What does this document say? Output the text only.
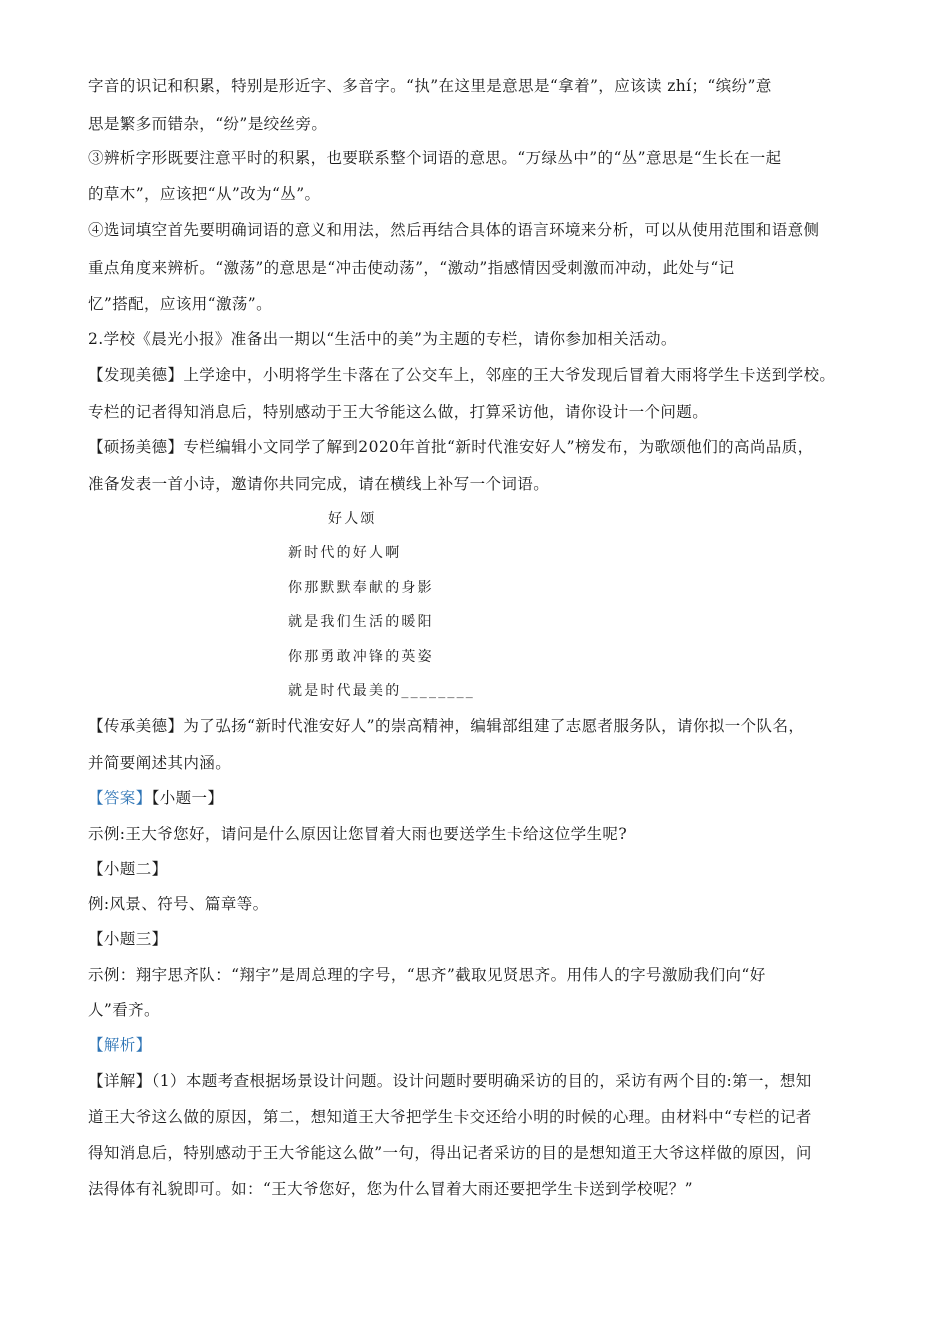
字音的识记和积累，特别是形近字、多音字。“执”在这里是意思是“拿着”，应该读 zhí；“缤纷”意
思是繁多而错杂，“纷”是绞丝旁。
③辨析字形既要注意平时的积累，也要联系整个词语的意思。“万绿丛中”的“丛”意思是“生长在一起
的草木”，应该把“从”改为“丛”。
④选词填空首先要明确词语的意义和用法，然后再结合具体的语言环境来分析，可以从使用范围和语意侧
重点角度来辨析。“激荡”的意思是“冲击使动荡”，“激动”指感情因受刺激而冲动，此处与“记
忆”搭配，应该用“激荡”。
2.学校《晨光小报》准备出一期以“生活中的美”为主题的专栏，请你参加相关活动。
【发现美德】上学途中，小明将学生卡落在了公交车上，邻座的王大爷发现后冒着大雨将学生卡送到学校。
专栏的记者得知消息后，特别感动于王大爷能这么做，打算采访他，请你设计一个问题。
【硕扬美德】专栏编辑小文同学了解到2020年首批“新时代淮安好人”榜发布，为歌颂他们的高尚品质，
准备发表一首小诗，邀请你共同完成，请在横线上补写一个词语。
好人颂
新时代的好人啊
你那默默奉献的身影
就是我们生活的暖阳
你那勇敢冲锋的英姿
就是时代最美的________
【传承美德】为了弘扬“新时代淮安好人”的崇高精神，编辑部组建了志愿者服务队，请你拟一个队名，
并简要阐述其内涵。
【答案】【小题一】
示例:王大爷您好，请问是什么原因让您冒着大雨也要送学生卡给这位学生呢?
【小题二】
例:风景、符号、篇章等。
【小题三】
示例：翔宇思齐队：“翔宇”是周总理的字号，“思齐”截取见贤思齐。用伟人的字号激励我们向“好
人”看齐。
【解析】
【详解】（1）本题考查根据场景设计问题。设计问题时要明确采访的目的，采访有两个目的:第一，想知
道王大爷这么做的原因，第二，想知道王大爷把学生卡交还给小明的时候的心理。由材料中“专栏的记者
得知消息后，特别感动于王大爷能这么做”一句，得出记者采访的目的是想知道王大爷这样做的原因，问
法得体有礼貌即可。如：“王大爷您好，您为什么冒着大雨还要把学生卡送到学校呢？”
